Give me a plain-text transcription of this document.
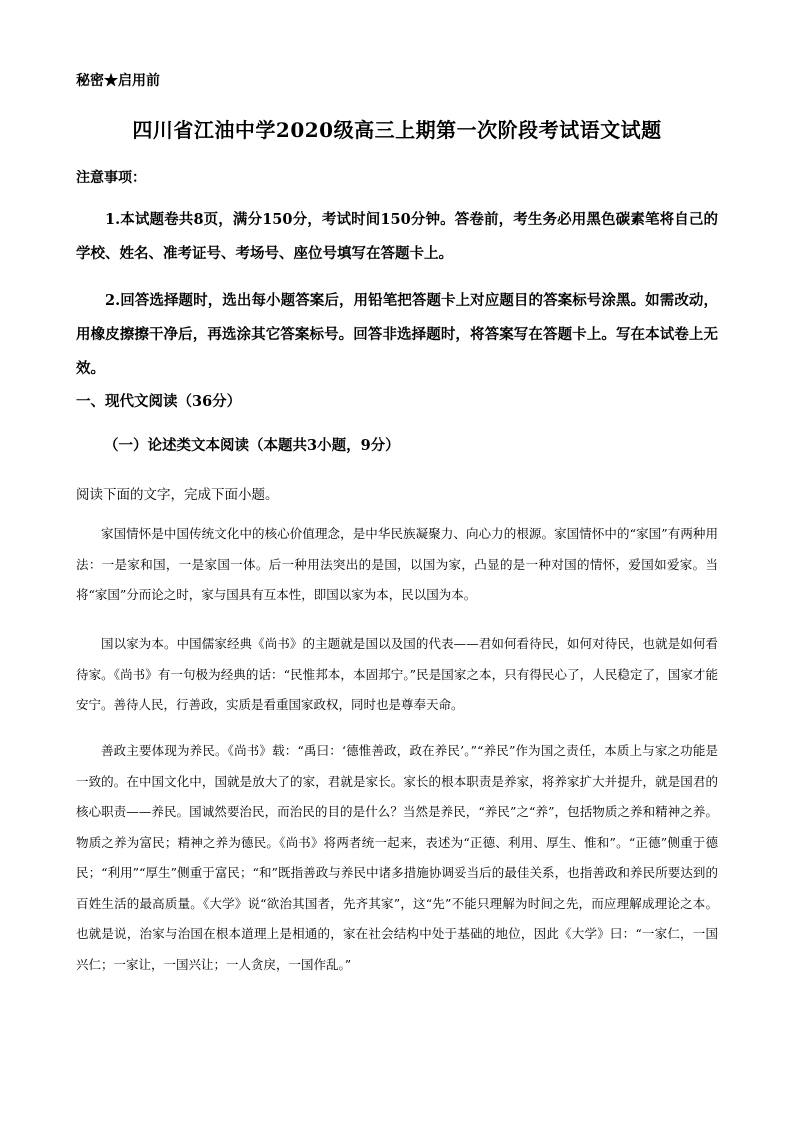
秘密★启用前
四川省江油中学2020级高三上期第一次阶段考试语文试题
注意事项：

1.本试题卷共8页，满分150分，考试时间150分钟。答卷前，考生务必用黑色碳素笔将自己的学校、姓名、准考证号、考场号、座位号填写在答题卡上。

2.回答选择题时，选出每小题答案后，用铅笔把答题卡上对应题目的答案标号涂黑。如需改动，用橡皮擦擦干净后，再选涂其它答案标号。回答非选择题时，将答案写在答题卡上。写在本试卷上无效。

一、现代文阅读（36分）
（一）论述类文本阅读（本题共3小题，9分）
阅读下面的文字，完成下面小题。

家国情怀是中国传统文化中的核心价值理念，是中华民族凝聚力、向心力的根源。家国情怀中的“家国”有两种用法：一是家和国，一是家国一体。后一种用法突出的是国，以国为家，凸显的是一种对国的情怀，爱国如爱家。当将“家国”分而论之时，家与国具有互本性，即国以家为本，民以国为本。

国以家为本。中国儒家经典《尚书》的主题就是国以及国的代表——君如何看待民，如何对待民，也就是如何看待家。《尚书》有一句极为经典的话：“民惟邦本，本固邦宁。”民是国家之本，只有得民心了，人民稳定了，国家才能安宁。善待人民，行善政，实质是看重国家政权，同时也是尊奉天命。

善政主要体现为养民。《尚书》载：“禹曰：‘德惟善政，政在养民’。”“养民”作为国之责任，本质上与家之功能是一致的。在中国文化中，国就是放大了的家，君就是家长。家长的根本职责是养家，将养家扩大并提升，就是国君的核心职责——养民。国诚然要治民，而治民的目的是什么？当然是养民，“养民”之“养”，包括物质之养和精神之养。物质之养为富民；精神之养为德民。《尚书》将两者统一起来，表述为“正德、利用、厚生、惟和”。“正德”侧重于德民；“利用”“厚生”侧重于富民；“和”既指善政与养民中诸多措施协调妥当后的最佳关系，也指善政和养民所要达到的百姓生活的最高质量。《大学》说“欲治其国者，先齐其家”，这“先”不能只理解为时间之先，而应理解成理论之本。也就是说，治家与治国在根本道理上是相通的，家在社会结构中处于基础的地位，因此《大学》曰：“一家仁，一国兴仁；一家让，一国兴让；一人贪戾，一国作乱。”
